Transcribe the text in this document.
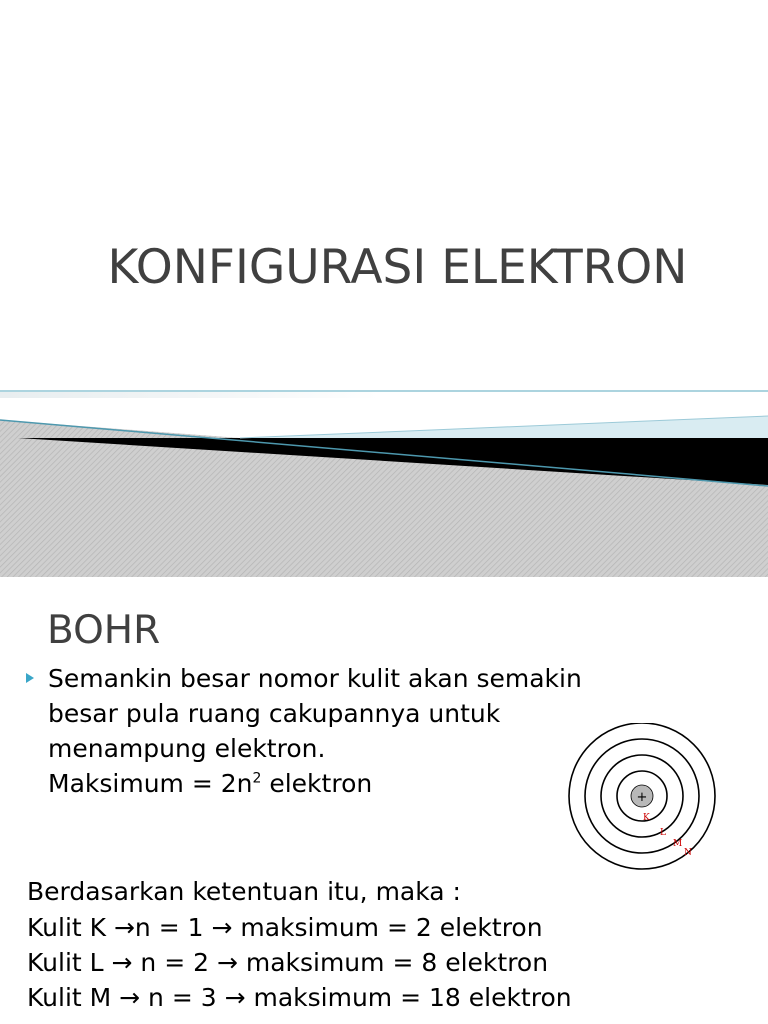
KONFIGURASI ELEKTRON
BOHR
Semankin besar nomor kulit akan semakin
besar pula ruang cakupannya untuk
menampung elektron.
Maksimum = $2n^2$ elektron	+
K
L
M
N
Berdasarkan ketentuan itu, maka :
Kulit K →n = 1 → maksimum = 2 elektron
Kulit L → n = 2 → maksimum = 8 elektron
Kulit M → n = 3 → maksimum = 18 elektron
